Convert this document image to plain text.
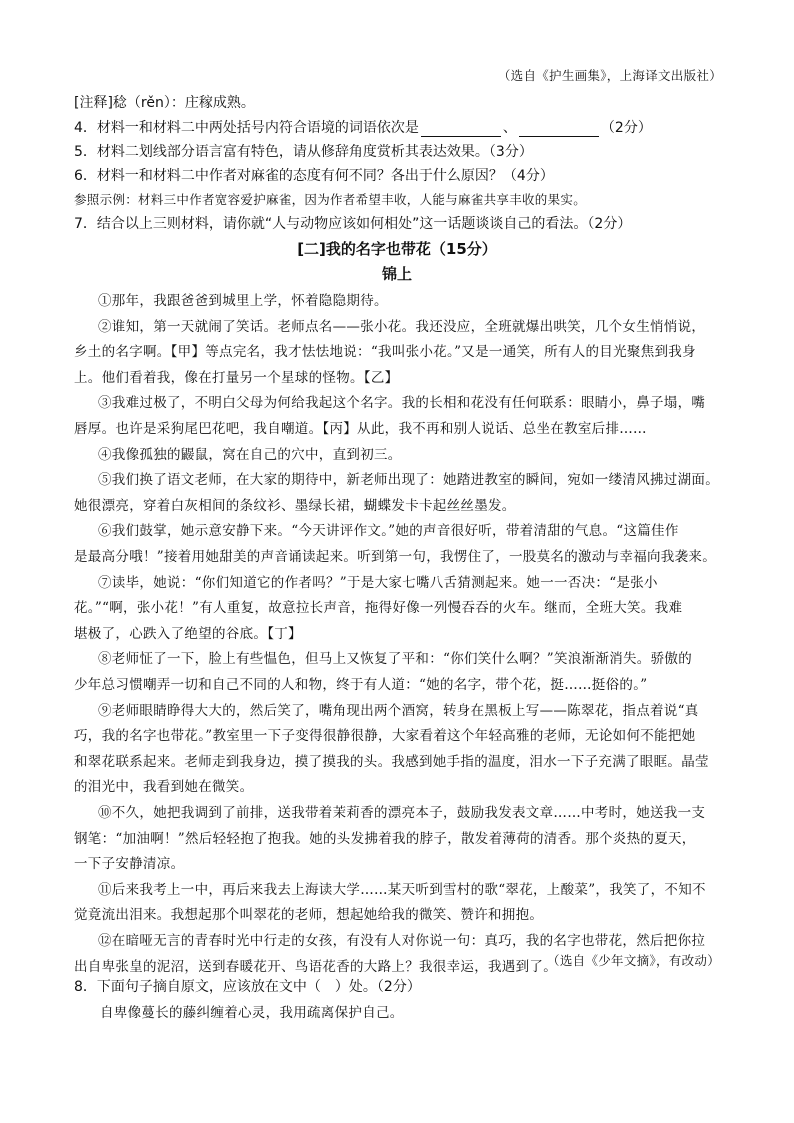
（选自《护生画集》，上海译文出版社）
[注释]稔（rěn）：庄稼成熟。
4．材料一和材料二中两处括号内符合语境的词语依次是	、	（2分）
5．材料二划线部分语言富有特色，请从修辞角度赏析其表达效果。（3分）
6．材料一和材料二中作者对麻雀的态度有何不同？各出于什么原因？（4分）
参照示例：材料三中作者宽容爱护麻雀，因为作者希望丰收，人能与麻雀共享丰收的果实。
7．结合以上三则材料，请你就“人与动物应该如何相处”这一话题谈谈自己的看法。（2分）
[二]我的名字也带花（15分）
锦上
①那年，我跟爸爸到城里上学，怀着隐隐期待。
②谁知，第一天就闹了笑话。老师点名——张小花。我还没应，全班就爆出哄笑，几个女生悄悄说，
乡土的名字啊。【甲】等点完名，我才怯怯地说：“我叫张小花。”又是一通笑，所有人的目光聚焦到我身
上。他们看着我，像在打量另一个星球的怪物。【乙】
③我难过极了，不明白父母为何给我起这个名字。我的长相和花没有任何联系：眼睛小，鼻子塌，嘴
唇厚。也许是采狗尾巴花吧，我自嘲道。【丙】从此，我不再和别人说话、总坐在教室后排……
④我像孤独的鼹鼠，窝在自己的穴中，直到初三。
⑤我们换了语文老师，在大家的期待中，新老师出现了：她踏进教室的瞬间，宛如一缕清风拂过湖面。
她很漂亮，穿着白灰相间的条纹衫、墨绿长裙，蝴蝶发卡卡起丝丝墨发。
⑥我们鼓掌，她示意安静下来。“今天讲评作文。”她的声音很好听，带着清甜的气息。“这篇佳作
是最高分哦！”接着用她甜美的声音诵读起来。听到第一句，我愣住了，一股莫名的激动与幸福向我袭来。
⑦读毕，她说：“你们知道它的作者吗？”于是大家七嘴八舌猜测起来。她一一否决：“是张小
花。”“啊，张小花！”有人重复，故意拉长声音，拖得好像一列慢吞吞的火车。继而，全班大笑。我难
堪极了，心跌入了绝望的谷底。【丁】
⑧老师怔了一下，脸上有些愠色，但马上又恢复了平和：“你们笑什么啊？”笑浪渐渐消失。骄傲的
少年总习惯嘲弄一切和自己不同的人和物，终于有人道：“她的名字，带个花，挺……挺俗的。”
⑨老师眼睛睁得大大的，然后笑了，嘴角现出两个酒窝，转身在黑板上写——陈翠花，指点着说“真
巧，我的名字也带花。”教室里一下子变得很静很静，大家看着这个年轻高雅的老师，无论如何不能把她
和翠花联系起来。老师走到我身边，摸了摸我的头。我感到她手指的温度，泪水一下子充满了眼眶。晶莹
的泪光中，我看到她在微笑。
⑩不久，她把我调到了前排，送我带着茉莉香的漂亮本子，鼓励我发表文章……中考时，她送我一支
钢笔：“加油啊！”然后轻轻抱了抱我。她的头发拂着我的脖子，散发着薄荷的清香。那个炎热的夏天，
一下子安静清凉。
⑪后来我考上一中，再后来我去上海读大学……某天听到雪村的歌“翠花，上酸菜”，我笑了，不知不
觉竟流出泪来。我想起那个叫翠花的老师，想起她给我的微笑、赞许和拥抱。
⑫在暗哑无言的青春时光中行走的女孩，有没有人对你说一句：真巧，我的名字也带花，然后把你拉
出自卑张皇的泥沼，送到春暖花开、鸟语花香的大路上？我很幸运，我遇到了。
（选自《少年文摘》，有改动）
8．下面句子摘自原文，应该放在文中（　）处。（2分）
自卑像蔓长的藤纠缠着心灵，我用疏离保护自己。
